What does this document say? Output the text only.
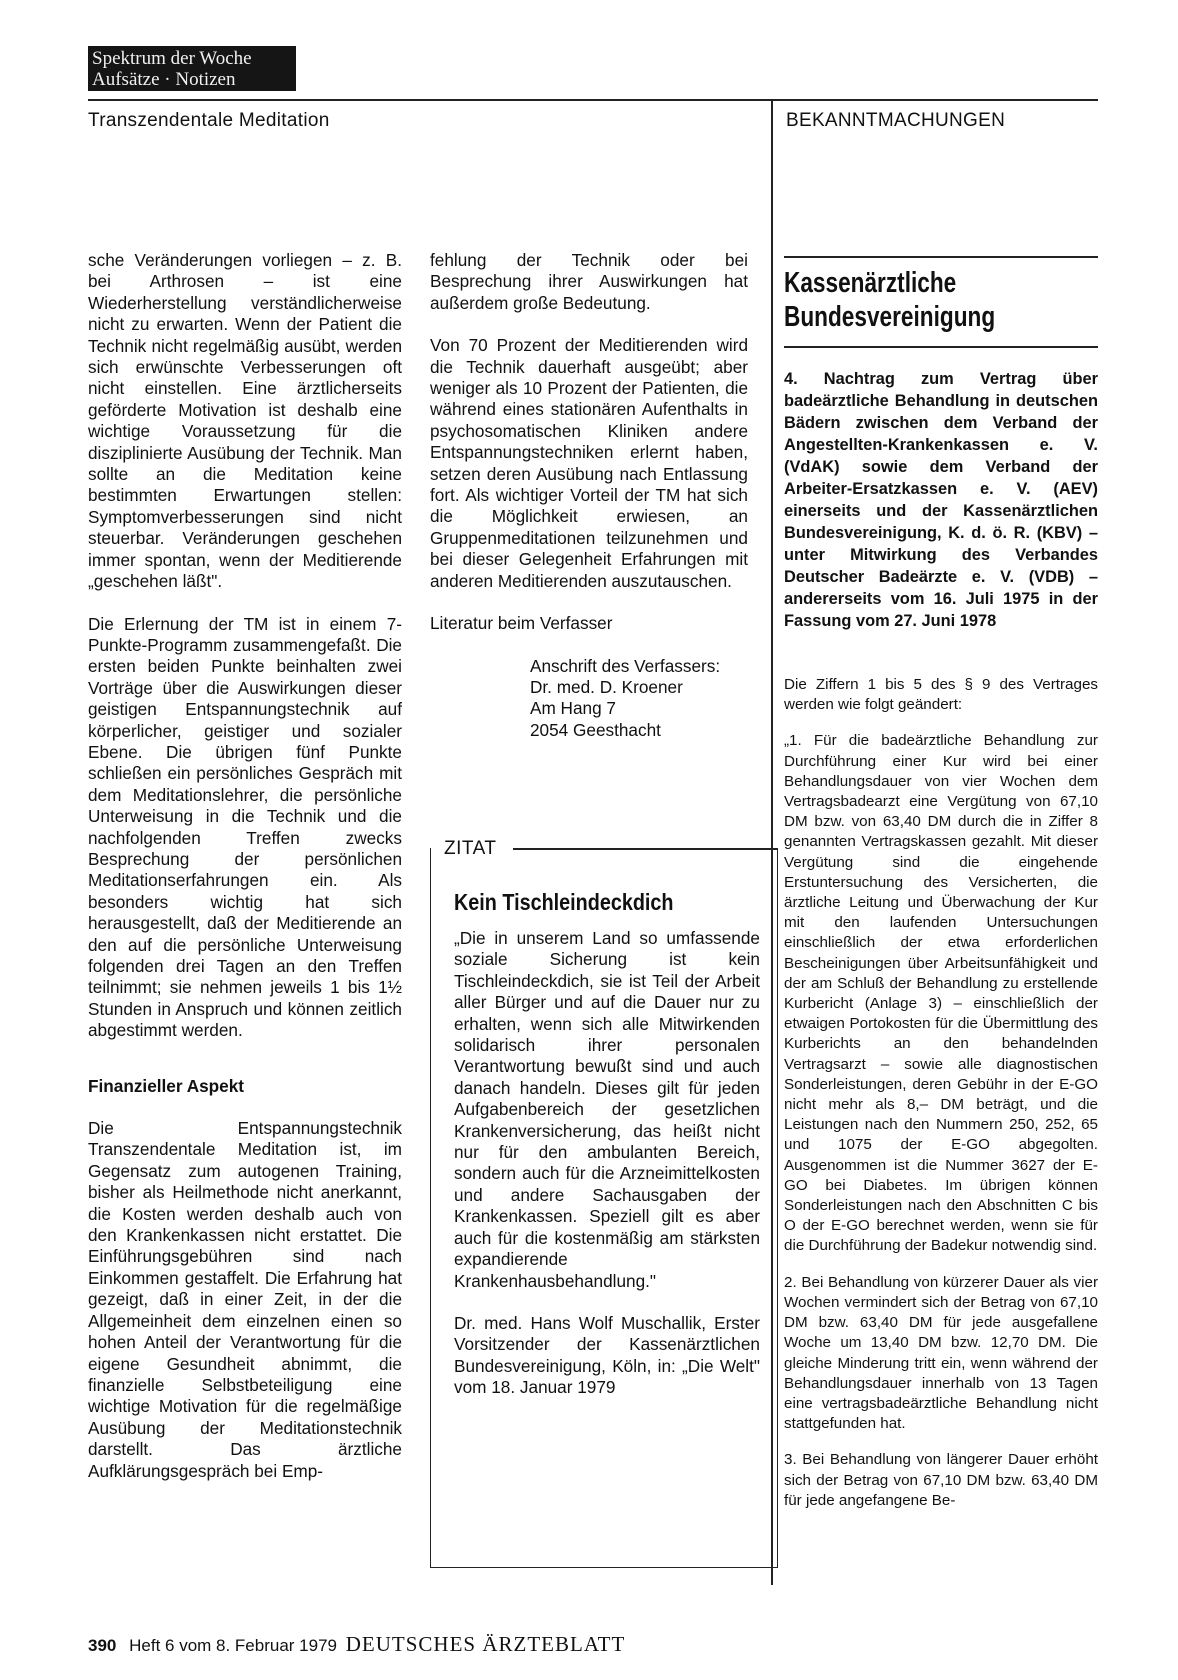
Spektrum der Woche
Aufsätze · Notizen
Transzendentale Meditation	BEKANNTMACHUNGEN

sche Veränderungen vorliegen – z. B. bei Arthrosen – ist eine Wiederherstellung verständlicherweise nicht zu erwarten. Wenn der Patient die Technik nicht regelmäßig ausübt, werden sich erwünschte Verbesserungen oft nicht einstellen. Eine ärztlicherseits geförderte Motivation ist deshalb eine wichtige Voraussetzung für die disziplinierte Ausübung der Technik. Man sollte an die Meditation keine bestimmten Erwartungen stellen: Symptomverbesserungen sind nicht steuerbar. Veränderungen geschehen immer spontan, wenn der Meditierende „geschehen läßt".

Die Erlernung der TM ist in einem 7-Punkte-Programm zusammengefaßt. Die ersten beiden Punkte beinhalten zwei Vorträge über die Auswirkungen dieser geistigen Entspannungstechnik auf körperlicher, geistiger und sozialer Ebene. Die übrigen fünf Punkte schließen ein persönliches Gespräch mit dem Meditationslehrer, die persönliche Unterweisung in die Technik und die nachfolgenden Treffen zwecks Besprechung der persönlichen Meditationserfahrungen ein. Als besonders wichtig hat sich herausgestellt, daß der Meditierende an den auf die persönliche Unterweisung folgenden drei Tagen an den Treffen teilnimmt; sie nehmen jeweils 1 bis 1½ Stunden in Anspruch und können zeitlich abgestimmt werden.

Finanzieller Aspekt

Die Entspannungstechnik Transzendentale Meditation ist, im Gegensatz zum autogenen Training, bisher als Heilmethode nicht anerkannt, die Kosten werden deshalb auch von den Krankenkassen nicht erstattet. Die Einführungsgebühren sind nach Einkommen gestaffelt. Die Erfahrung hat gezeigt, daß in einer Zeit, in der die Allgemeinheit dem einzelnen einen so hohen Anteil der Verantwortung für die eigene Gesundheit abnimmt, die finanzielle Selbstbeteiligung eine wichtige Motivation für die regelmäßige Ausübung der Meditationstechnik darstellt. Das ärztliche Aufklärungsgespräch bei Emp-

fehlung der Technik oder bei Besprechung ihrer Auswirkungen hat außerdem große Bedeutung.

Von 70 Prozent der Meditierenden wird die Technik dauerhaft ausgeübt; aber weniger als 10 Prozent der Patienten, die während eines stationären Aufenthalts in psychosomatischen Kliniken andere Entspannungstechniken erlernt haben, setzen deren Ausübung nach Entlassung fort. Als wichtiger Vorteil der TM hat sich die Möglichkeit erwiesen, an Gruppenmeditationen teilzunehmen und bei dieser Gelegenheit Erfahrungen mit anderen Meditierenden auszutauschen.

Literatur beim Verfasser

Anschrift des Verfassers:
Dr. med. D. Kroener
Am Hang 7
2054 Geesthacht
ZITAT
Kein Tischleindeckdich

„Die in unserem Land so umfassende soziale Sicherung ist kein Tischleindeckdich, sie ist Teil der Arbeit aller Bürger und auf die Dauer nur zu erhalten, wenn sich alle Mitwirkenden solidarisch ihrer personalen Verantwortung bewußt sind und auch danach handeln. Dieses gilt für jeden Aufgabenbereich der gesetzlichen Krankenversicherung, das heißt nicht nur für den ambulanten Bereich, sondern auch für die Arzneimittelkosten und andere Sachausgaben der Krankenkassen. Speziell gilt es aber auch für die kostenmäßig am stärksten expandierende Krankenhausbehandlung."

Dr. med. Hans Wolf Muschallik, Erster Vorsitzender der Kassenärztlichen Bundesvereinigung, Köln, in: „Die Welt" vom 18. Januar 1979

Kassenärztliche
Bundesvereinigung
4. Nachtrag zum Vertrag über badeärztliche Behandlung in deutschen Bädern zwischen dem Verband der Angestellten-Krankenkassen e. V. (VdAK) sowie dem Verband der Arbeiter-Ersatzkassen e. V. (AEV) einerseits und der Kassenärztlichen Bundesvereinigung, K. d. ö. R. (KBV) – unter Mitwirkung des Verbandes Deutscher Badeärzte e. V. (VDB) – andererseits vom 16. Juli 1975 in der Fassung vom 27. Juni 1978

Die Ziffern 1 bis 5 des § 9 des Vertrages werden wie folgt geändert:

„1. Für die badeärztliche Behandlung zur Durchführung einer Kur wird bei einer Behandlungsdauer von vier Wochen dem Vertragsbadearzt eine Vergütung von 67,10 DM bzw. von 63,40 DM durch die in Ziffer 8 genannten Vertragskassen gezahlt. Mit dieser Vergütung sind die eingehende Erstuntersuchung des Versicherten, die ärztliche Leitung und Überwachung der Kur mit den laufenden Untersuchungen einschließlich der etwa erforderlichen Bescheinigungen über Arbeitsunfähigkeit und der am Schluß der Behandlung zu erstellende Kurbericht (Anlage 3) – einschließlich der etwaigen Portokosten für die Übermittlung des Kurberichts an den behandelnden Vertragsarzt – sowie alle diagnostischen Sonderleistungen, deren Gebühr in der E-GO nicht mehr als 8,– DM beträgt, und die Leistungen nach den Nummern 250, 252, 65 und 1075 der E-GO abgegolten. Ausgenommen ist die Nummer 3627 der E-GO bei Diabetes. Im übrigen können Sonderleistungen nach den Abschnitten C bis O der E-GO berechnet werden, wenn sie für die Durchführung der Badekur notwendig sind.

2. Bei Behandlung von kürzerer Dauer als vier Wochen vermindert sich der Betrag von 67,10 DM bzw. 63,40 DM für jede ausgefallene Woche um 13,40 DM bzw. 12,70 DM. Die gleiche Minderung tritt ein, wenn während der Behandlungsdauer innerhalb von 13 Tagen eine vertragsbadeärztliche Behandlung nicht stattgefunden hat.

3. Bei Behandlung von längerer Dauer erhöht sich der Betrag von 67,10 DM bzw. 63,40 DM für jede angefangene Be-

390 Heft 6 vom 8. Februar 1979 DEUTSCHES ÄRZTEBLATT
